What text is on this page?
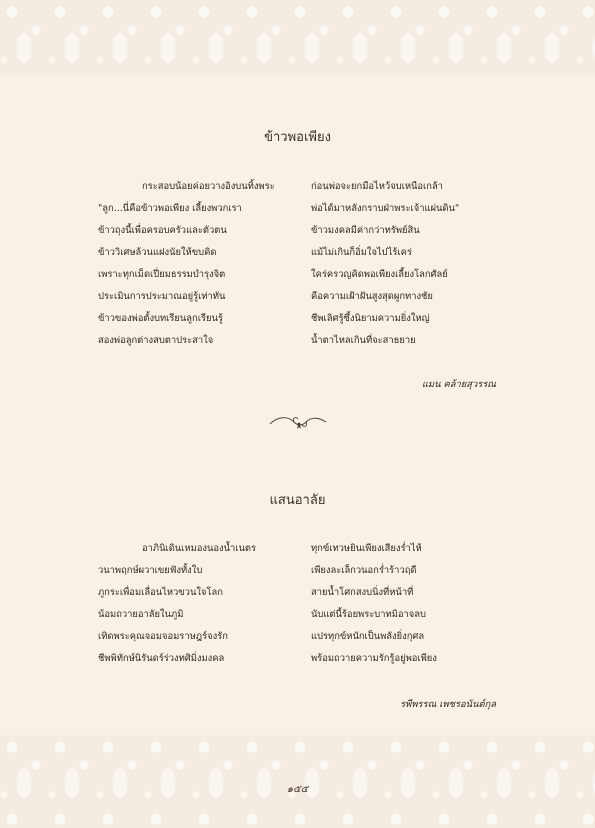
ข้าวพอเพียง
กระสอบน้อยค่อยวางอิงบนทิ้งพระ
"ลูก...นี่คือข้าวพอเพียง เลี้ยงพวกเรา
ข้าวถุงนี้เพื่อครอบครัวและตัวตน
ข้าววิเศษล้วนแฝงนัยให้ขบคิด
เพราะทุกเม็ดเปี่ยมธรรมบำรุงจิต
ประเมินการประมาณอยู่รู้เท่าทัน
ข้าวของพ่อตั้งบทเรียนลูกเรียนรู้
สองพ่อลูกต่างสบตาประสาใจ
ก่อนพ่อจะยกมือไหว้จบเหนือเกล้า
พ่อได้มาหลังกราบฝ่าพระเจ้าแผ่นดิน"
ข้าวมงคลมีค่ากว่าทรัพย์สิน
แม้ไม่เกินก็อิ่มใจไปไร้เคร่
ใคร่ครวญคิดพอเพียงเลี้ยงโลกศัลย์
คือความเฝ้าฝันสูงสุดผูกทางชัย
ชีพเลิศรู้ซึ้งนิยามความยิ่งใหญ่
น้ำตาไหลเกินที่จะสาธยาย
แมน คล้ายสุวรรณ
แสนอาลัย
อาภินิเดินเหมองนองน้ำเนตร
วนาพฤกษ์ผวาเขยฟังทั้งใบ
ภูกระเพื่อมเลื่อนไหวขวนใจโลก
น้อมถวายอาลัยในภูมิ
เทิดพระคุณจอมจอมราษฎร์จงรัก
ชีพพิทักษ์นิรันดร์ร่วงทศิมิ่งมงคล
ทุกข์เทวษยินเพียงเสียงร่ำไห้
เพียงละเล็กวนอกร่ำร้าวฤดี
สายน้ำโศกสงบนิ่งที่หน้าที่
นับแต่นี้ร้อยพระบาทมิอาจลบ
แปรทุกข์หนักเป็นพลังยิ่งกุศล
พร้อมถวายความรักรู้อยู่พอเพียง
รพีพรรณ เพชรอนันต์กุล
๑๕๕
